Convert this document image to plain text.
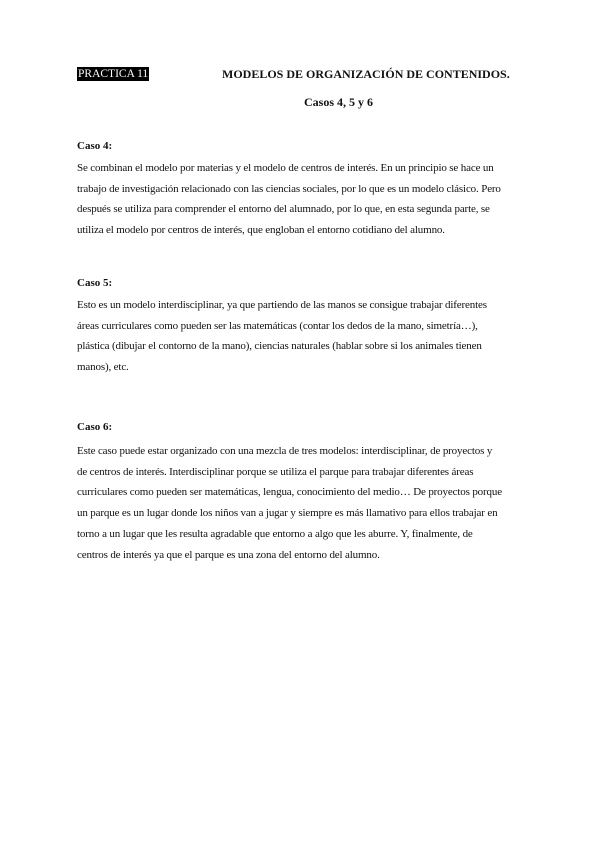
PRACTICA 11	MODELOS DE ORGANIZACIÓN DE CONTENIDOS.
Casos 4, 5 y 6
Caso 4:
Se combinan el modelo por materias y el modelo de centros de interés. En un principio se hace un
trabajo de investigación relacionado con las ciencias sociales, por lo que es un modelo clásico. Pero
después se utiliza para comprender el entorno del alumnado, por lo que, en esta segunda parte, se
utiliza el modelo por centros de interés, que engloban el entorno cotidiano del alumno.
Caso 5:
Esto es un modelo interdisciplinar, ya que partiendo de las manos se consigue trabajar diferentes
áreas curriculares como pueden ser las matemáticas (contar los dedos de la mano, simetría…),
plástica (dibujar el contorno de la mano), ciencias naturales (hablar sobre si los animales tienen
manos), etc.
Caso 6:
Este caso puede estar organizado con una mezcla de tres modelos: interdisciplinar, de proyectos y
de centros de interés. Interdisciplinar porque se utiliza el parque para trabajar diferentes áreas
curriculares como pueden ser matemáticas, lengua, conocimiento del medio… De proyectos porque
un parque es un lugar donde los niños van a jugar y siempre es más llamativo para ellos trabajar en
torno a un lugar que les resulta agradable que entorno a algo que les aburre. Y, finalmente, de
centros de interés ya que el parque es una zona del entorno del alumno.
